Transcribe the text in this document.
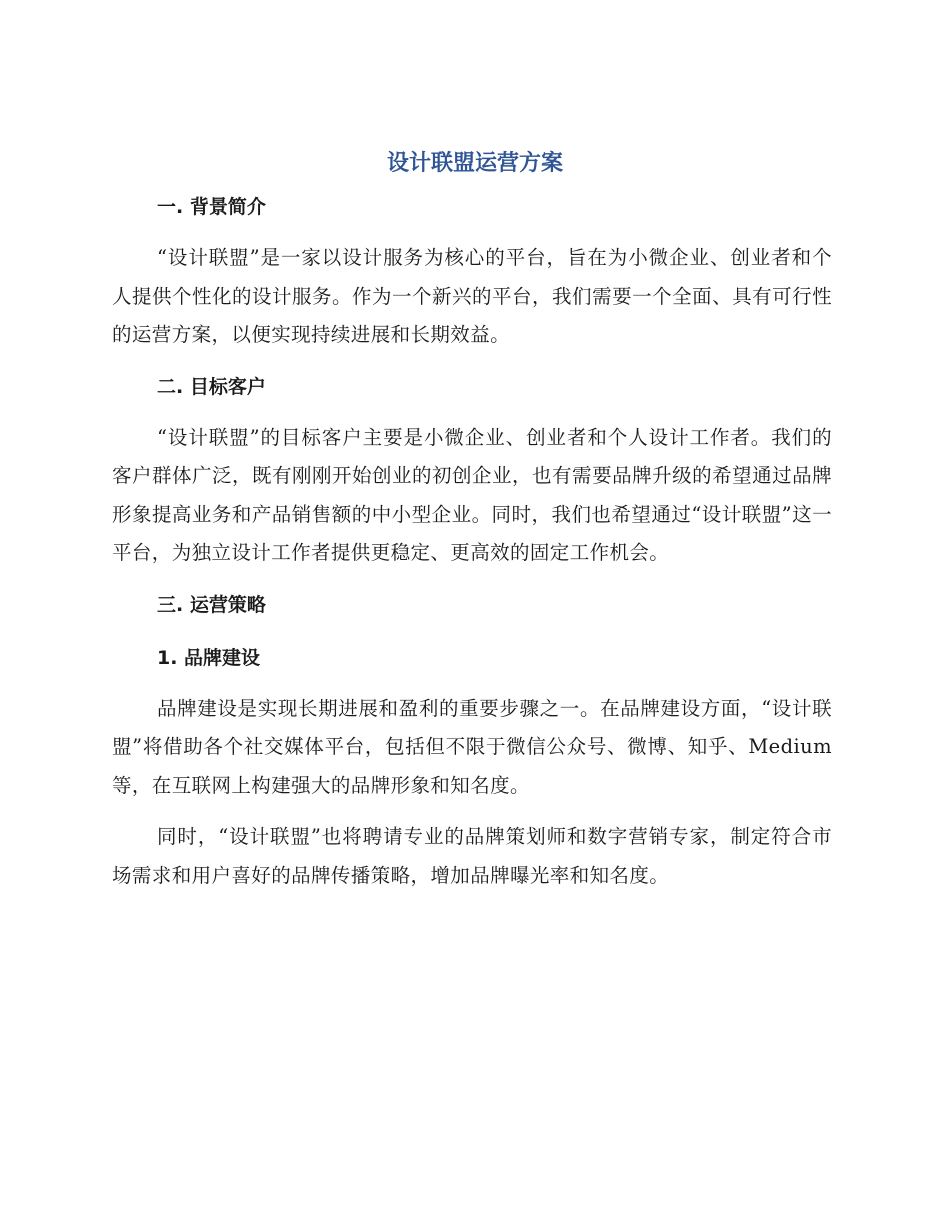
设计联盟运营方案
一. 背景简介

“设计联盟”是一家以设计服务为核心的平台，旨在为小微企业、创业者和个人提供个性化的设计服务。作为一个新兴的平台，我们需要一个全面、具有可行性的运营方案，以便实现持续进展和长期效益。

二. 目标客户

“设计联盟”的目标客户主要是小微企业、创业者和个人设计工作者。我们的客户群体广泛，既有刚刚开始创业的初创企业，也有需要品牌升级的希望通过品牌形象提高业务和产品销售额的中小型企业。同时，我们也希望通过“设计联盟”这一平台，为独立设计工作者提供更稳定、更高效的固定工作机会。

三. 运营策略
1. 品牌建设

品牌建设是实现长期进展和盈利的重要步骤之一。在品牌建设方面，“设计联盟”将借助各个社交媒体平台，包括但不限于微信公众号、微博、知乎、Medium 等，在互联网上构建强大的品牌形象和知名度。

同时，“设计联盟”也将聘请专业的品牌策划师和数字营销专家，制定符合市场需求和用户喜好的品牌传播策略，增加品牌曝光率和知名度。
